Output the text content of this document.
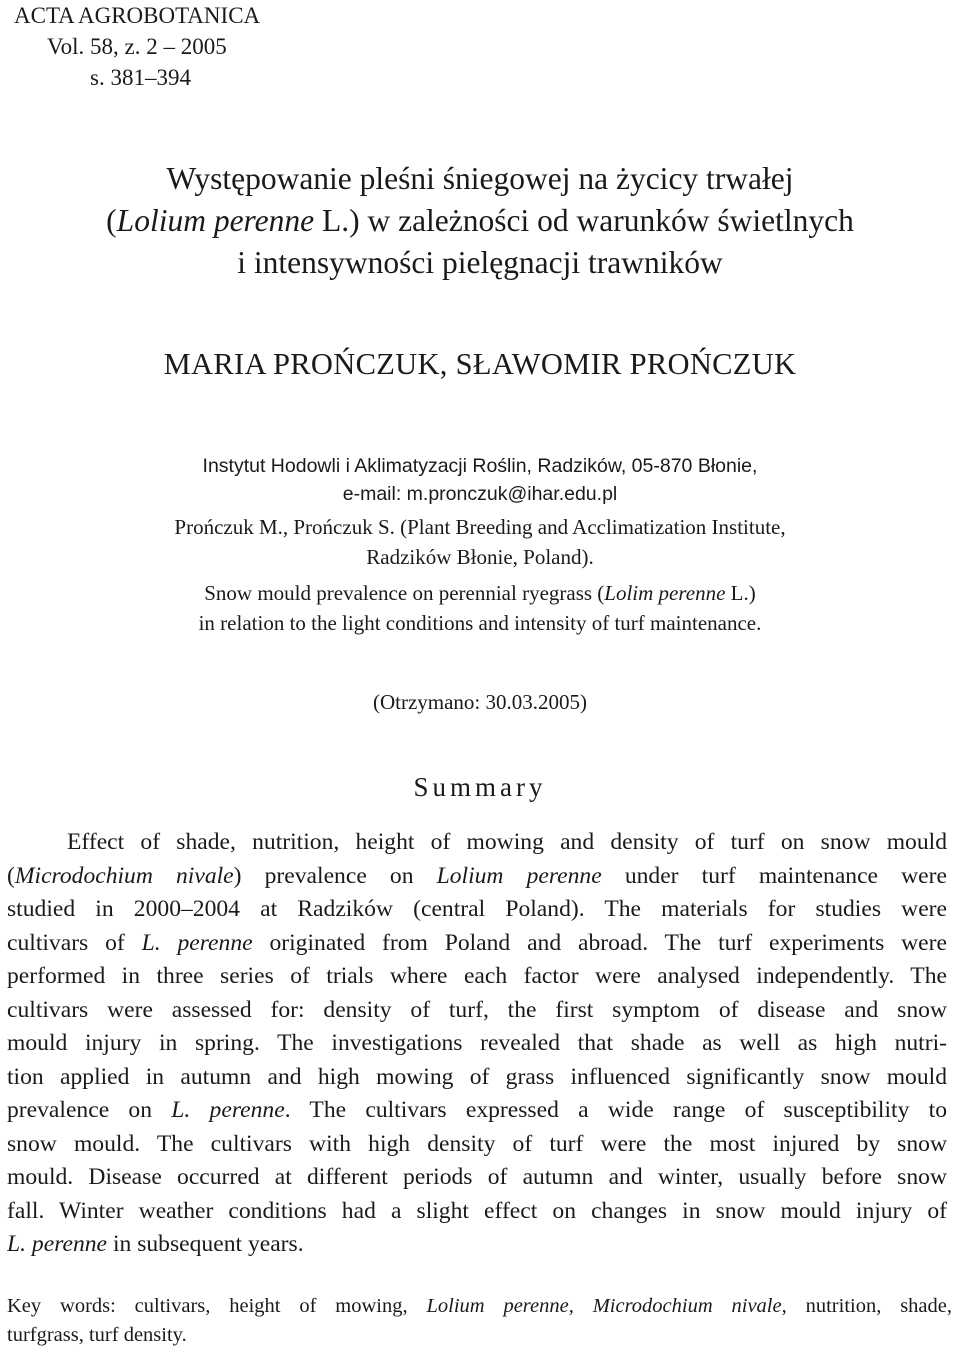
ACTA AGROBOTANICA
Vol. 58, z. 2 – 2005
s. 381–394
Występowanie pleśni śniegowej na życicy trwałej
(Lolium perenne L.) w zależności od warunków świetlnych
i intensywności pielęgnacji trawników
MARIA PROŃCZUK, SŁAWOMIR PROŃCZUK
Instytut Hodowli i Aklimatyzacji Roślin, Radzików, 05-870 Błonie,
e-mail: m.pronczuk@ihar.edu.pl
Prończuk M., Prończuk S. (Plant Breeding and Acclimatization Institute,
Radzików Błonie, Poland).
Snow mould prevalence on perennial ryegrass (Lolim perenne L.)
in relation to the light conditions and intensity of turf maintenance.
(Otrzymano: 30.03.2005)
Summary
Effect of shade, nutrition, height of mowing and density of turf on snow mould
(Microdochium nivale) prevalence on Lolium perenne under turf maintenance were
studied in 2000–2004 at Radzików (central Poland). The materials for studies were
cultivars of L. perenne originated from Poland and abroad. The turf experiments were
performed in three series of trials where each factor were analysed independently. The
cultivars were assessed for: density of turf, the first symptom of disease and snow
mould injury in spring. The investigations revealed that shade as well as high nutri-
tion applied in autumn and high mowing of grass influenced significantly snow mould
prevalence on L. perenne. The cultivars expressed a wide range of susceptibility to
snow mould. The cultivars with high density of turf were the most injured by snow
mould. Disease occurred at different periods of autumn and winter, usually before snow
fall. Winter weather conditions had a slight effect on changes in snow mould injury of
L. perenne in subsequent years.
Key words: cultivars, height of mowing, Lolium perenne, Microdochium nivale, nutrition, shade,
turfgrass, turf density.
